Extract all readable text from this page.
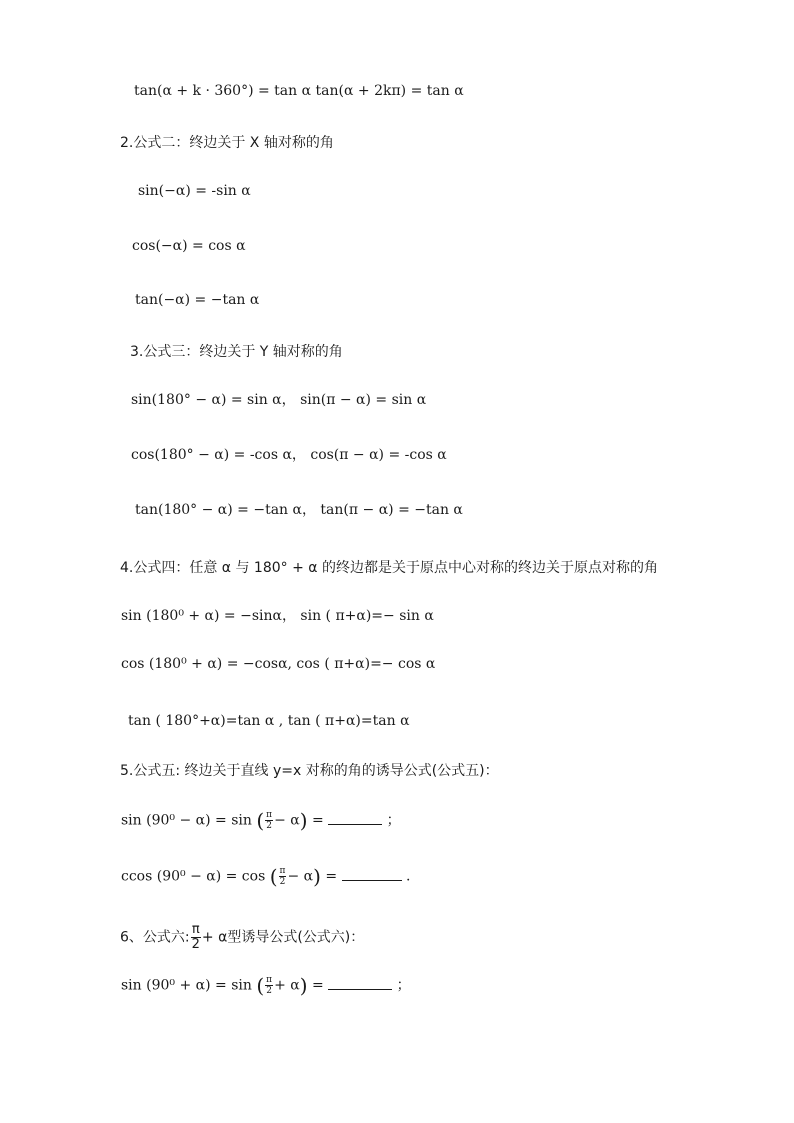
tan(α + k · 360°) = tan α tan(α + 2kπ) = tan α
2.公式二：终边关于 X 轴对称的角
sin(−α) = -sin α
cos(−α) = cos α
tan(−α) = −tan α
3.公式三：终边关于 Y 轴对称的角
sin(180° − α) = sin α， sin(π − α) = sin α
cos(180° − α) = -cos α， cos(π − α) = -cos α
tan(180° − α) = −tan α， tan(π − α) = −tan α
4.公式四：任意 α 与 180° + α 的终边都是关于原点中心对称的终边关于原点对称的角
sin (180⁰ + α) = −sinα， sin ( π+α)=− sin α
cos (180⁰ + α) = −cosα, cos ( π+α)=− cos α
tan ( 180°+α)=tan α , tan ( π+α)=tan α
5.公式五: 终边关于直线 y=x 对称的角的诱导公式(公式五)：
sin (90⁰ − α) = sin ( $\frac{\pi}{2} - \alpha$) =	；
ccos (90⁰ − α) = cos ( $\frac{\pi}{2} - \alpha$) =	.
6、公式六: $\frac{\pi}{2} + \alpha$型诱导公式(公式六)：
sin (90⁰ + α) = sin ( $\frac{\pi}{2} + \alpha$) =	；
